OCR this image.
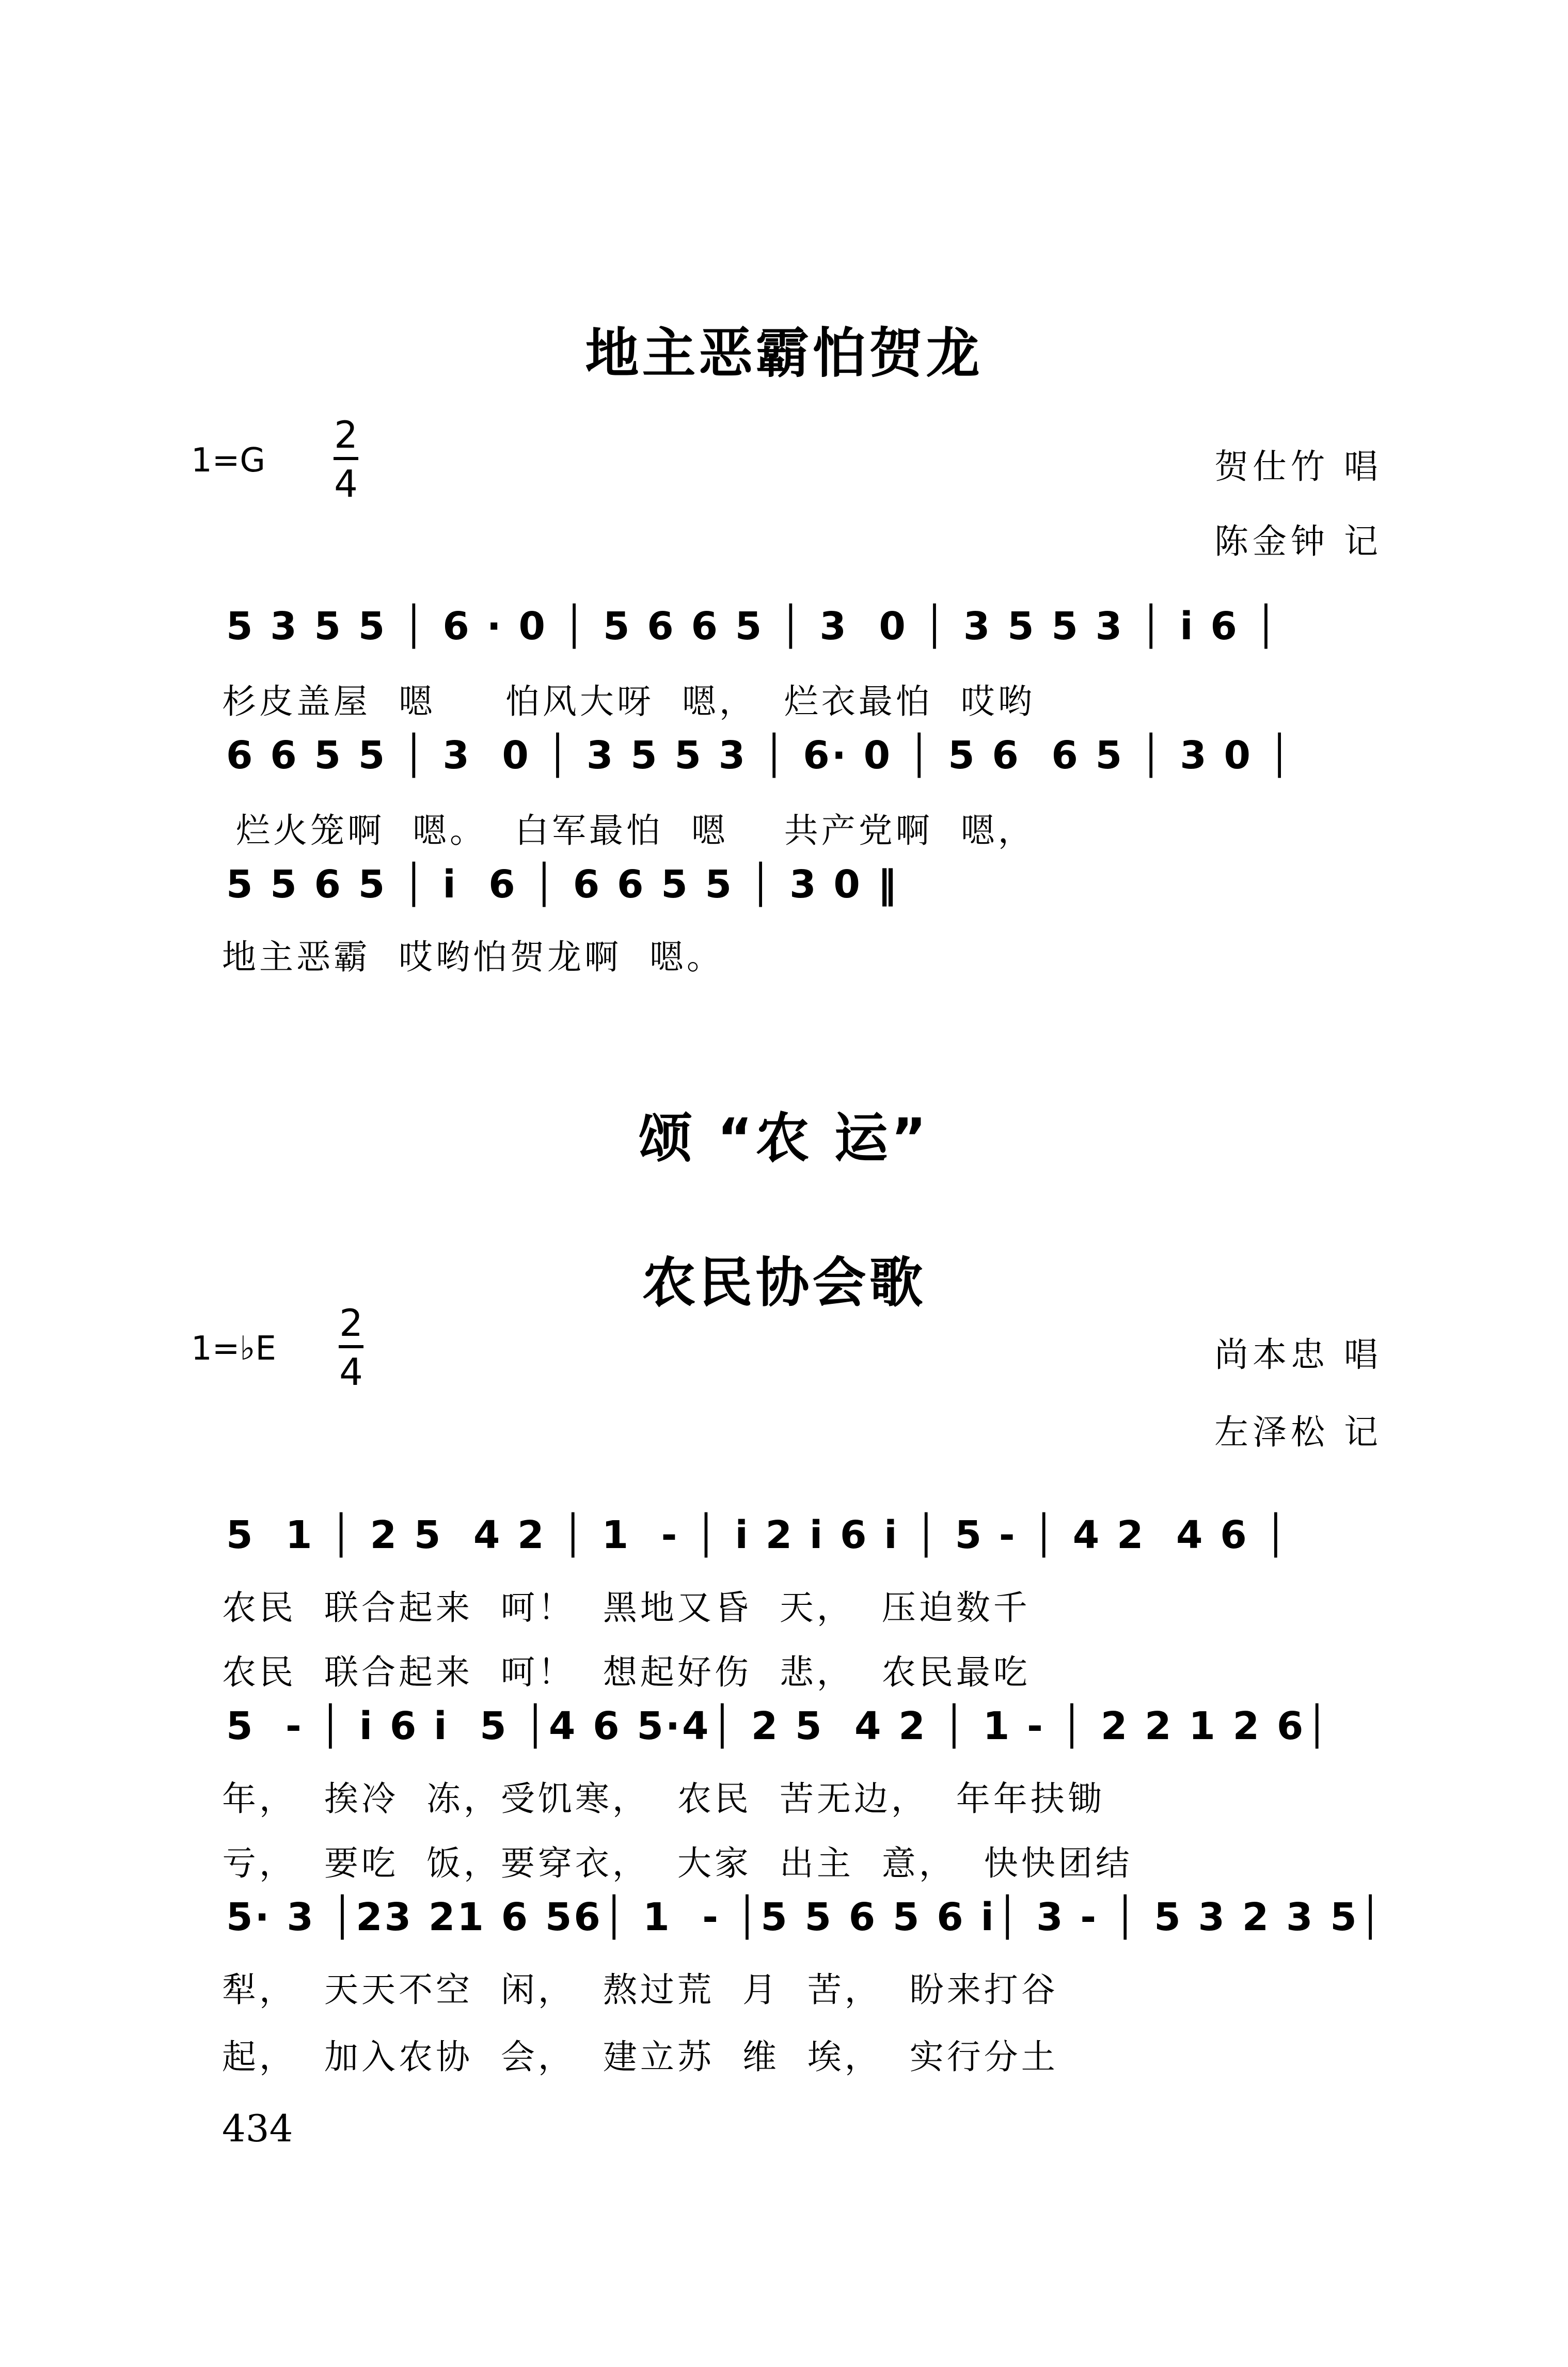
地主恶霸怕贺龙
1=G
2
4	贺仕竹 唱
陈金钟 记
5 3 5 5 │ 6 · 0 │ 5 6 6 5 │ 3  0 │ 3 5 5 3 │ i 6 │
杉皮盖屋  嗯     怕风大呀  嗯，  烂衣最怕  哎哟
6 6 5 5 │ 3  0 │ 3 5 5 3 │ 6· 0 │ 5 6  6 5 │ 3 0 │
烂火笼啊  嗯。  白军最怕  嗯    共产党啊  嗯，
5 5 6 5 │ i  6 │ 6 6 5 5 │ 3 0 ‖
地主恶霸  哎哟怕贺龙啊  嗯。
颂 “农 运”
农民协会歌
1=♭E
2
4	尚本忠 唱
左泽松 记
5  1 │ 2 5  4 2 │ 1  - │ i 2 i 6 i │ 5 - │ 4 2  4 6 │
农民  联合起来  呵！  黑地又昏  天，  压迫数千
农民  联合起来  呵！  想起好伤  悲，  农民最吃
5  - │ i 6 i  5 │4 6 5·4│ 2 5  4 2 │ 1 - │ 2 2 1 2 6│
年，  挨冷  冻，受饥寒，  农民  苦无边，  年年扶锄
亏，  要吃  饭，要穿衣，  大家  出主  意，  快快团结
5· 3 │23 21 6 56│ 1  - │5 5 6 5 6 i│ 3 - │ 5 3 2 3 5│
犁，  天天不空  闲，  熬过荒  月  苦，  盼来打谷
起，  加入农协  会，  建立苏  维  埃，  实行分土
434
